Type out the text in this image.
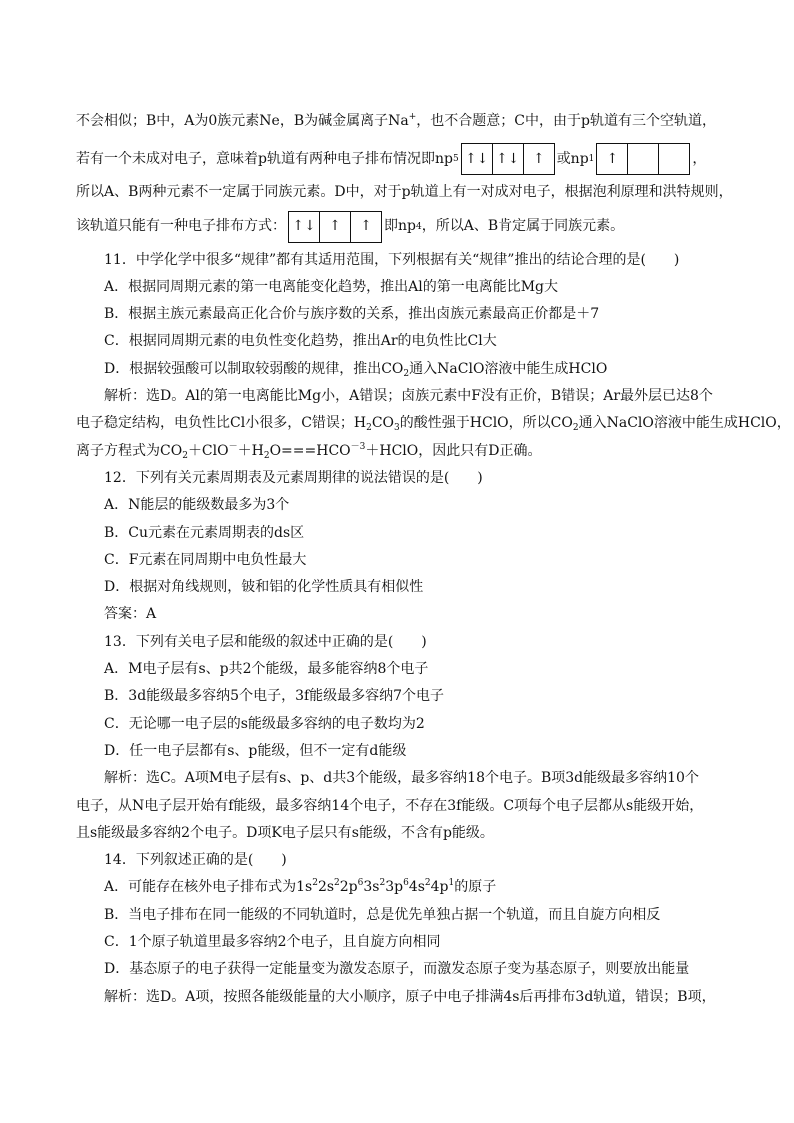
不会相似；B中，A为0族元素Ne，B为碱金属离子Na+，也不合题意；C中，由于p轨道有三个空轨道，
若有一个未成对电子，意味着p轨道有两种电子排布情况即np 5 ↑↓ ↑↓ ↑ 或np 1 ↑	，
所以A、B两种元素不一定属于同族元素。D中，对于p轨道上有一对成对电子，根据泡利原理和洪特规则，
该轨道只能有一种电子排布方式： ↑↓ ↑	↑ 即np 4 ，所以A、B肯定属于同族元素。
11．中学化学中很多“规律”都有其适用范围，下列根据有关“规律”推出的结论合理的是(　　)
A．根据同周期元素的第一电离能变化趋势，推出Al的第一电离能比Mg大
B．根据主族元素最高正化合价与族序数的关系，推出卤族元素最高正价都是＋7
C．根据同周期元素的电负性变化趋势，推出Ar的电负性比Cl大
D．根据较强酸可以制取较弱酸的规律，推出$CO_2$通入NaClO溶液中能生成HClO
解析：选D。Al的第一电离能比Mg小，A错误；卤族元素中F没有正价，B错误；Ar最外层已达8个
电子稳定结构，电负性比Cl小很多，C错误；$H_2CO_3$的酸性强于HClO，所以$CO_2$通入NaClO溶液中能生成HClO，
离子方程式为$CO_2+ClO^-+H_2O===HCO^{-3}+HClO$，因此只有D正确。
12．下列有关元素周期表及元素周期律的说法错误的是(　　)
A．N能层的能级数最多为3个
B．Cu元素在元素周期表的ds区
C．F元素在同周期中电负性最大
D．根据对角线规则，铍和铝的化学性质具有相似性
答案：A
13．下列有关电子层和能级的叙述中正确的是(　　)
A．M电子层有s、p共2个能级，最多能容纳8个电子
B．3d能级最多容纳5个电子，3f能级最多容纳7个电子
C．无论哪一电子层的s能级最多容纳的电子数均为2
D．任一电子层都有s、p能级，但不一定有d能级
解析：选C。A项M电子层有s、p、d共3个能级，最多容纳18个电子。B项3d能级最多容纳10个
电子，从N电子层开始有f能级，最多容纳14个电子，不存在3f能级。C项每个电子层都从s能级开始，
且s能级最多容纳2个电子。D项K电子层只有s能级，不含有p能级。
14．下列叙述正确的是(　　)
A．可能存在核外电子排布式为$1s^22s^22p^63s^23p^64s^24p^1$的原子
B．当电子排布在同一能级的不同轨道时，总是优先单独占据一个轨道，而且自旋方向相反
C．1个原子轨道里最多容纳2个电子，且自旋方向相同
D．基态原子的电子获得一定能量变为激发态原子，而激发态原子变为基态原子，则要放出能量
解析：选D。A项，按照各能级能量的大小顺序，原子中电子排满4s后再排布3d轨道，错误；B项，
